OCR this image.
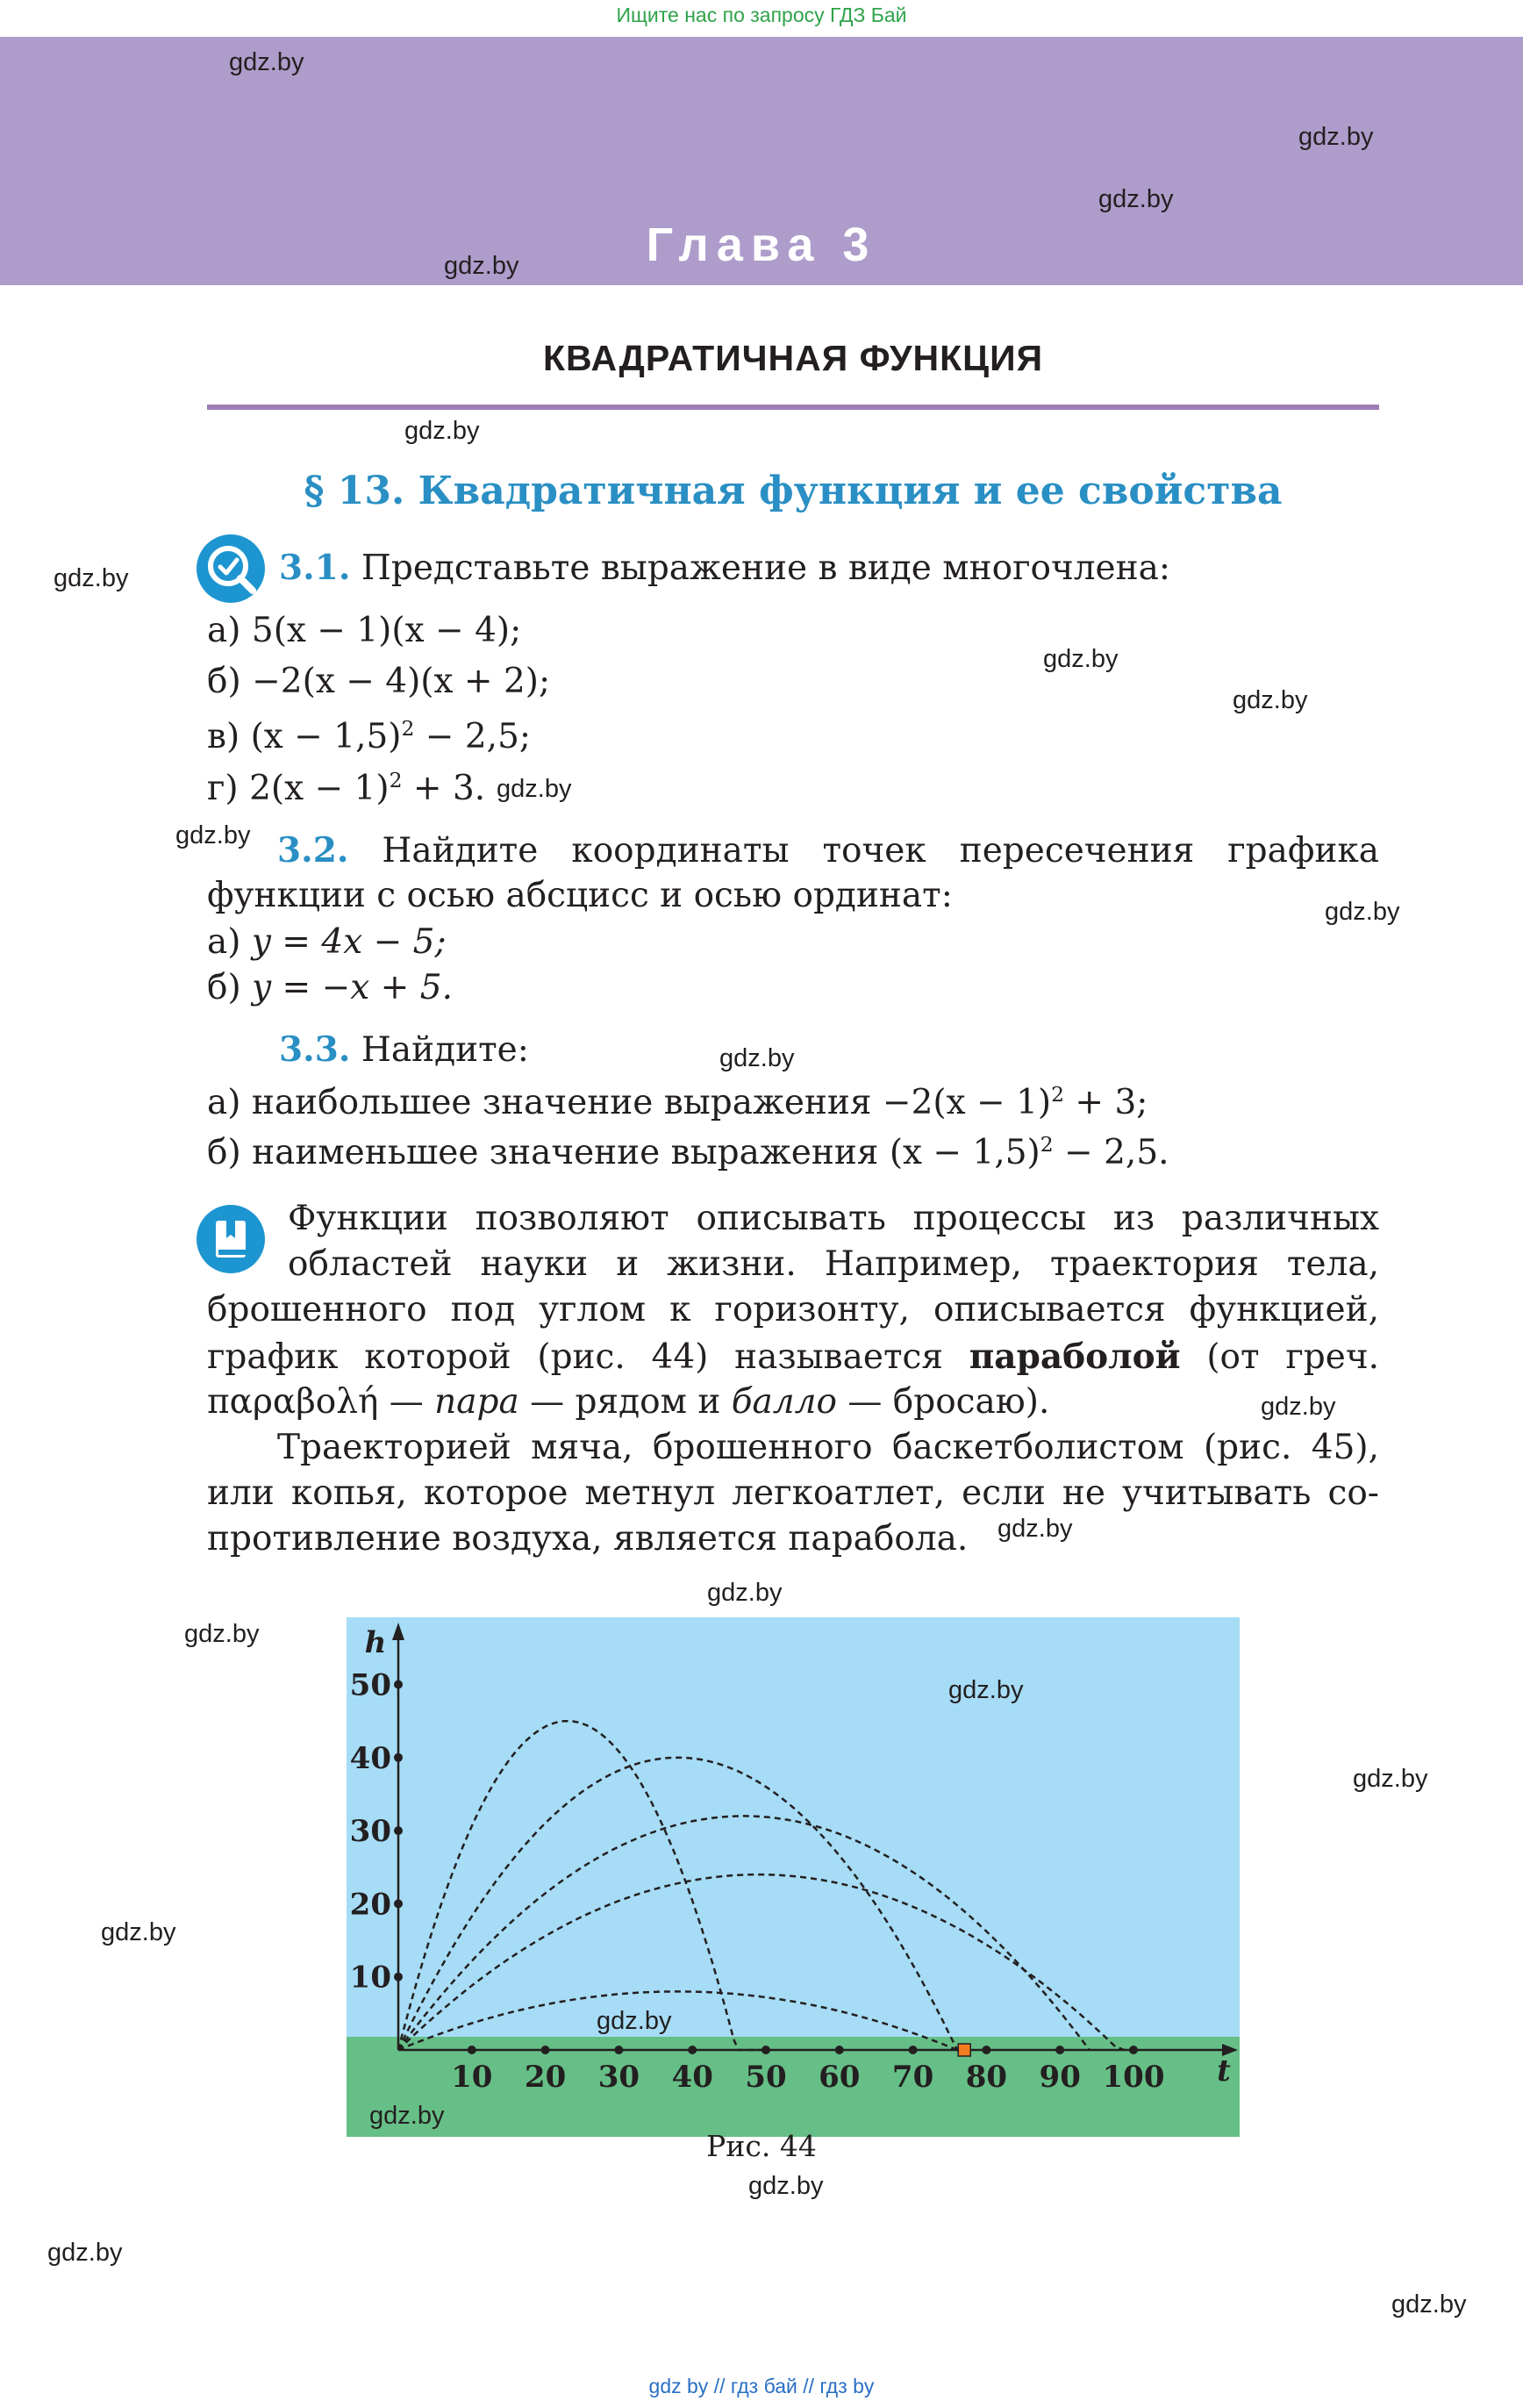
Ищите нас по запросу ГДЗ Бай
Глава 3
КВАДРАТИЧНАЯ ФУНКЦИЯ
§ 13. Квадратичная функция и ее свойства
3.1. Представьте выражение в виде многочлена:
а) 5(x − 1)(x − 4);
б) −2(x − 4)(x + 2);
в) $(x - 1,5)^2 - 2,5$;
г) $2(x - 1)^2 + 3$.
3.2. Найдите координаты точек пересечения графика
функции с осью абсцисс и осью ординат:
а) y = 4x − 5;
б) y = −x + 5.
3.3. Найдите:
а) наибольшее значение выражения $-2(x - 1)^2 + 3$;
б) наименьшее значение выражения $(x - 1,5)^2 - 2,5$.
Функции позволяют описывать процессы из различных
областей науки и жизни. Например, траектория тела,
брошенного под углом к горизонту, описывается функцией,
график которой (рис. 44) называется параболой (от греч.
παραβολή — пара — рядом и балло — бросаю).
Траекторией мяча, брошенного баскетболистом (рис. 45),
или копья, которое метнул легкоатлет, если не учитывать со-
противление воздуха, является парабола.
10 20 30 40 50 60 70 80 90 100
10
20
30
40
50
t
h
Рис. 44
gdz.by
gdz.by
gdz.by
gdz.by
gdz.by
gdz.by
gdz.by
gdz.by
gdz.by
gdz.by
gdz.by
gdz.by
gdz.by
gdz.by
gdz.by
gdz.by
gdz.by
gdz.by
gdz.by
gdz.by
gdz.by
gdz.by
gdz.by
gdz.by
gdz by // гдз бай // гдз by
